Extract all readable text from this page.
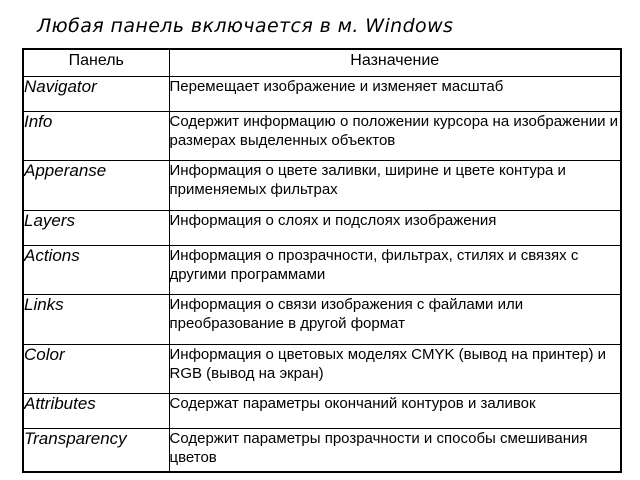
Любая панель включается в м. Windows
Панель	Назначение
Navigator	Перемещает изображение и изменяет масштаб
Info	Содержит информацию о положении курсора на изображении и размерах выделенных объектов
Apperanse	Информация о цвете заливки, ширине и цвете контура и применяемых фильтрах
Layers	Информация о слоях и подслоях изображения
Actions	Информация о прозрачности, фильтрах, стилях и связях с другими программами
Links	Информация о связи изображения с файлами или преобразование в другой формат
Color	Информация о цветовых моделях CMYK (вывод на принтер) и RGB (вывод на экран)
Attributes	Содержат параметры окончаний контуров и заливок
Transparency	Содержит параметры прозрачности и способы смешивания цветов
